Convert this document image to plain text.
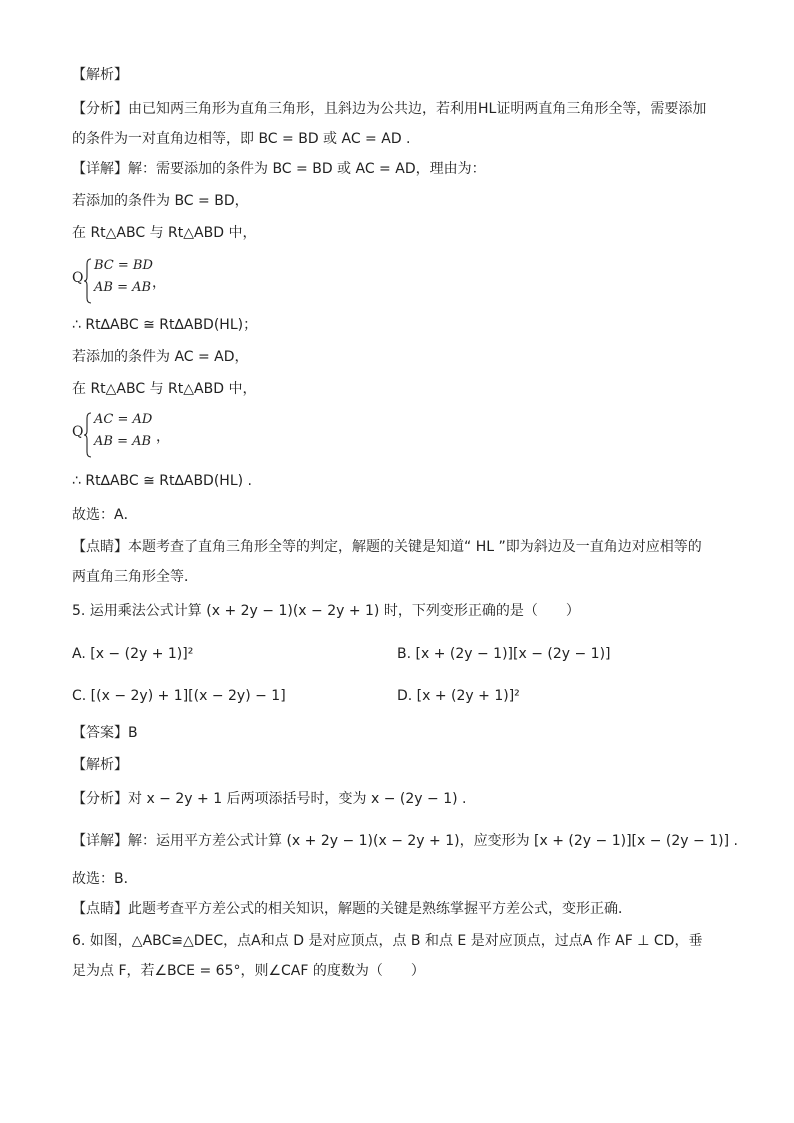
【解析】
【分析】由已知两三角形为直角三角形，且斜边为公共边，若利用HL证明两直角三角形全等，需要添加
的条件为一对直角边相等，即 BC = BD 或 AC = AD .
【详解】解：需要添加的条件为 BC = BD 或 AC = AD，理由为：
若添加的条件为 BC = BD，
在 Rt△ABC 与 Rt△ABD 中，
Q
BC = BD
AB = AB ，
∴ Rt∆ABC ≅ Rt∆ABD(HL)；
若添加的条件为 AC = AD，
在 Rt△ABC 与 Rt△ABD 中，
Q
AC = AD
AB = AB ，
∴ Rt∆ABC ≅ Rt∆ABD(HL) .
故选：A．
【点睛】本题考查了直角三角形全等的判定，解题的关键是知道“ HL ”即为斜边及一直角边对应相等的
两直角三角形全等．
5. 运用乘法公式计算 (x + 2y − 1)(x − 2y + 1) 时，下列变形正确的是（　　）
A. [x − (2y + 1)]²	B. [x + (2y − 1)][x − (2y − 1)]
C. [(x − 2y) + 1][(x − 2y) − 1]	D. [x + (2y + 1)]²
【答案】B
【解析】
【分析】对 x − 2y + 1 后两项添括号时，变为 x − (2y − 1) .
【详解】解：运用平方差公式计算 (x + 2y − 1)(x − 2y + 1)，应变形为 [x + (2y − 1)][x − (2y − 1)] .
故选：B．
【点睛】此题考查平方差公式的相关知识，解题的关键是熟练掌握平方差公式，变形正确．
6. 如图，△ABC≌△DEC，点A和点 D 是对应顶点，点 B 和点 E 是对应顶点，过点A 作 AF ⊥ CD，垂
足为点 F，若∠BCE = 65°，则∠CAF 的度数为（　　）
